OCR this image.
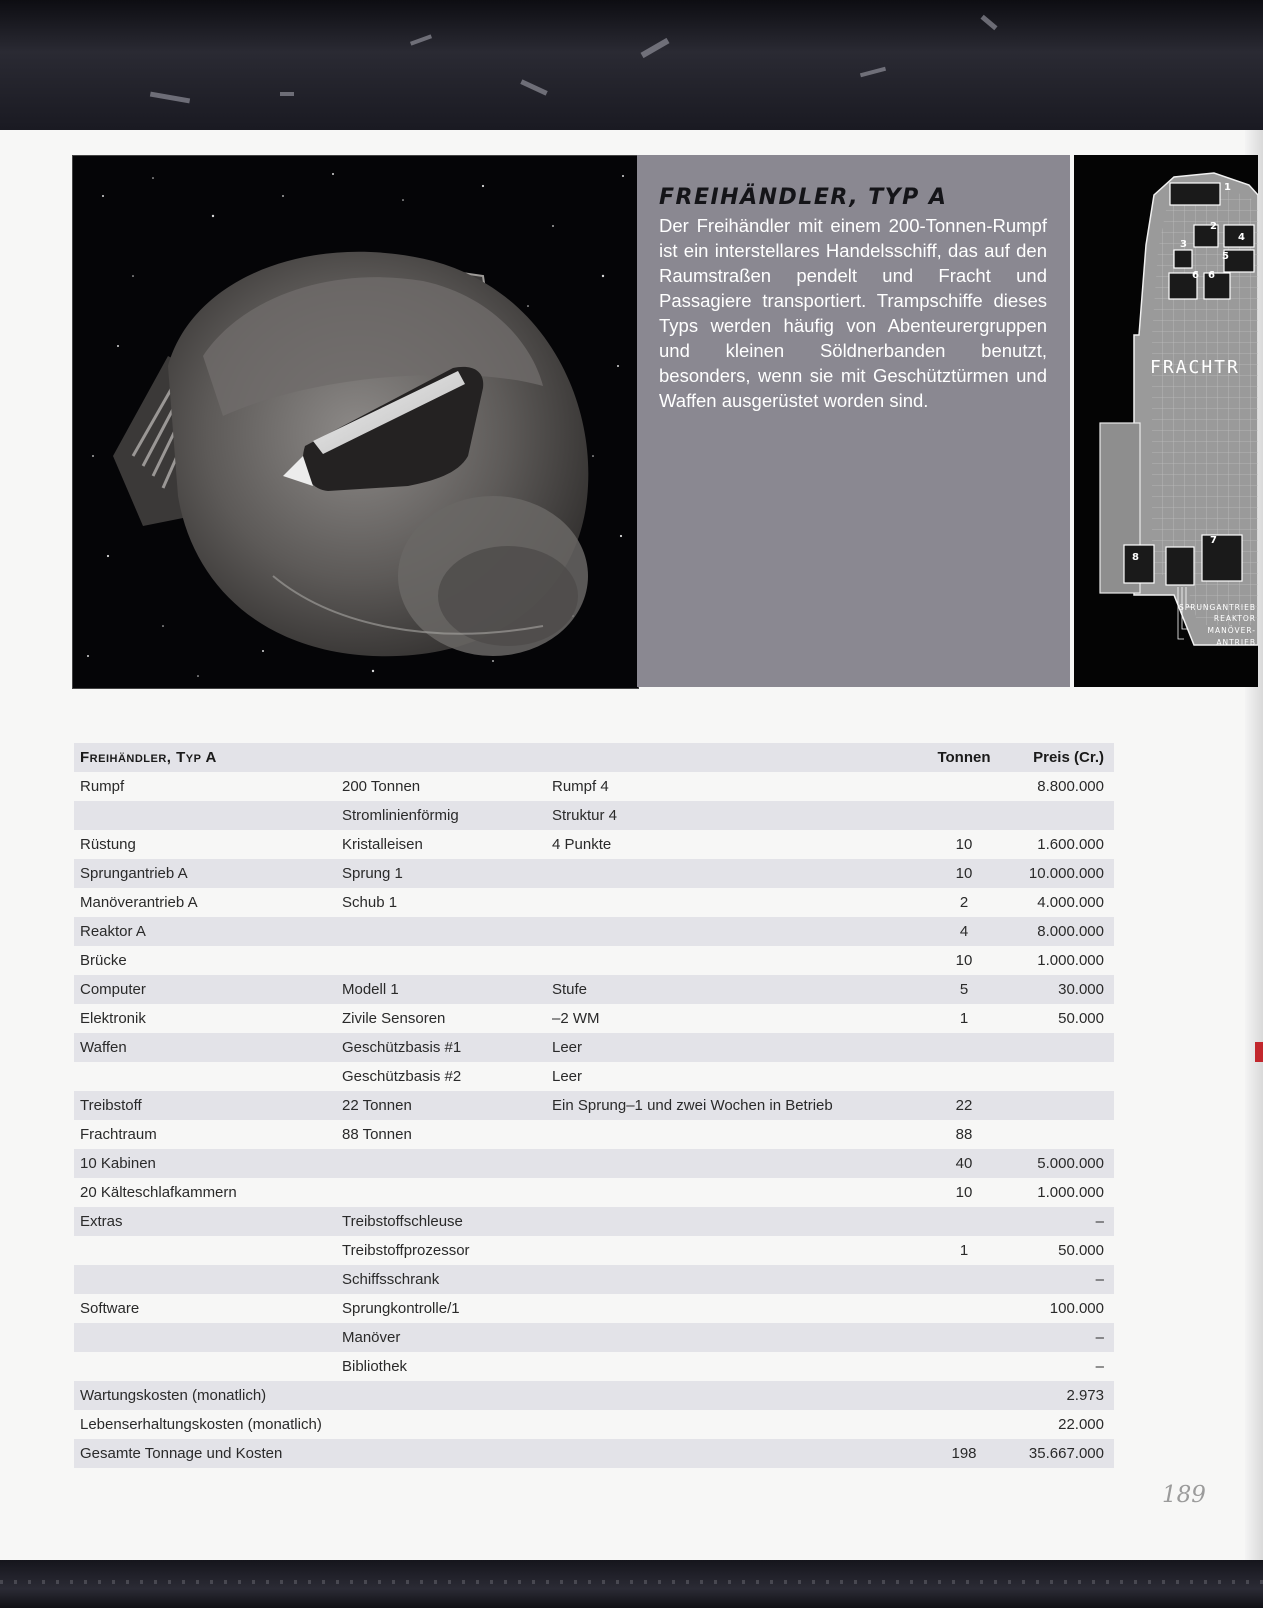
FREIHÄNDLER, TYP A

Der Freihändler mit einem 200-Tonnen-Rumpf ist ein interstellares Handelsschiff, das auf den Raumstraßen pendelt und Fracht und Passagiere transportiert. Trampschiffe dieses Typs werden häufig von Abenteurergruppen und kleinen Söldnerbanden benutzt, besonders, wenn sie mit Geschütztürmen und Waffen ausgerüstet worden sind.

1
2
3
4
5
6 6
7
8
FRACHTR
SPRUNGANTRIEB
REAKTOR
MANÖVER-
ANTRIEB
Freihändler, Typ A			Tonnen	Preis (Cr.)
Rumpf	200 Tonnen	Rumpf 4		8.800.000
	Stromlinienförmig	Struktur 4		
Rüstung	Kristalleisen	4 Punkte	10	1.600.000
Sprungantrieb A	Sprung 1		10	10.000.000
Manöverantrieb A	Schub 1		2	4.000.000
Reaktor A			4	8.000.000
Brücke			10	1.000.000
Computer	Modell 1	Stufe	5	30.000
Elektronik	Zivile Sensoren	–2 WM	1	50.000
Waffen	Geschützbasis #1	Leer		
	Geschützbasis #2	Leer		
Treibstoff	22 Tonnen	Ein Sprung–1 und zwei Wochen in Betrieb	22	
Frachtraum	88 Tonnen		88	
10 Kabinen			40	5.000.000
20 Kälteschlafkammern			10	1.000.000
Extras	Treibstoffschleuse			–
	Treibstoffprozessor		1	50.000
	Schiffsschrank			–
Software	Sprungkontrolle/1			100.000
	Manöver			–
	Bibliothek			–
Wartungskosten (monatlich)				2.973
Lebenserhaltungskosten (monatlich)				22.000
Gesamte Tonnage und Kosten			198	35.667.000
189
